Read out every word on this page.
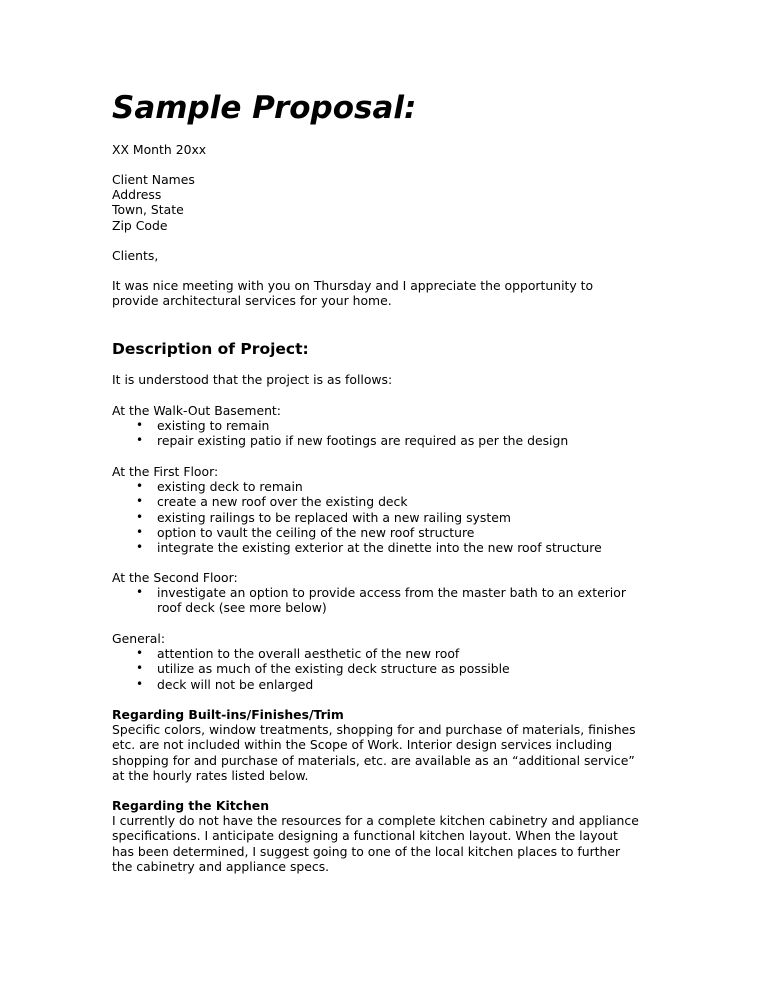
Sample Proposal:
XX Month 20xx
Client Names
Address
Town, State
Zip Code
Clients,
It was nice meeting with you on Thursday and I appreciate the opportunity to
provide architectural services for your home.
Description of Project:
It is understood that the project is as follows:
At the Walk-Out Basement:
• existing to remain
• repair existing patio if new footings are required as per the design
At the First Floor:
• existing deck to remain
• create a new roof over the existing deck
• existing railings to be replaced with a new railing system
• option to vault the ceiling of the new roof structure
• integrate the existing exterior at the dinette into the new roof structure
At the Second Floor:
• investigate an option to provide access from the master bath to an exterior
roof deck (see more below)
General:
• attention to the overall aesthetic of the new roof
• utilize as much of the existing deck structure as possible
• deck will not be enlarged
Regarding Built-ins/Finishes/Trim
Specific colors, window treatments, shopping for and purchase of materials, finishes
etc. are not included within the Scope of Work. Interior design services including
shopping for and purchase of materials, etc. are available as an “additional service”
at the hourly rates listed below.
Regarding the Kitchen
I currently do not have the resources for a complete kitchen cabinetry and appliance
specifications. I anticipate designing a functional kitchen layout. When the layout
has been determined, I suggest going to one of the local kitchen places to further
the cabinetry and appliance specs.
